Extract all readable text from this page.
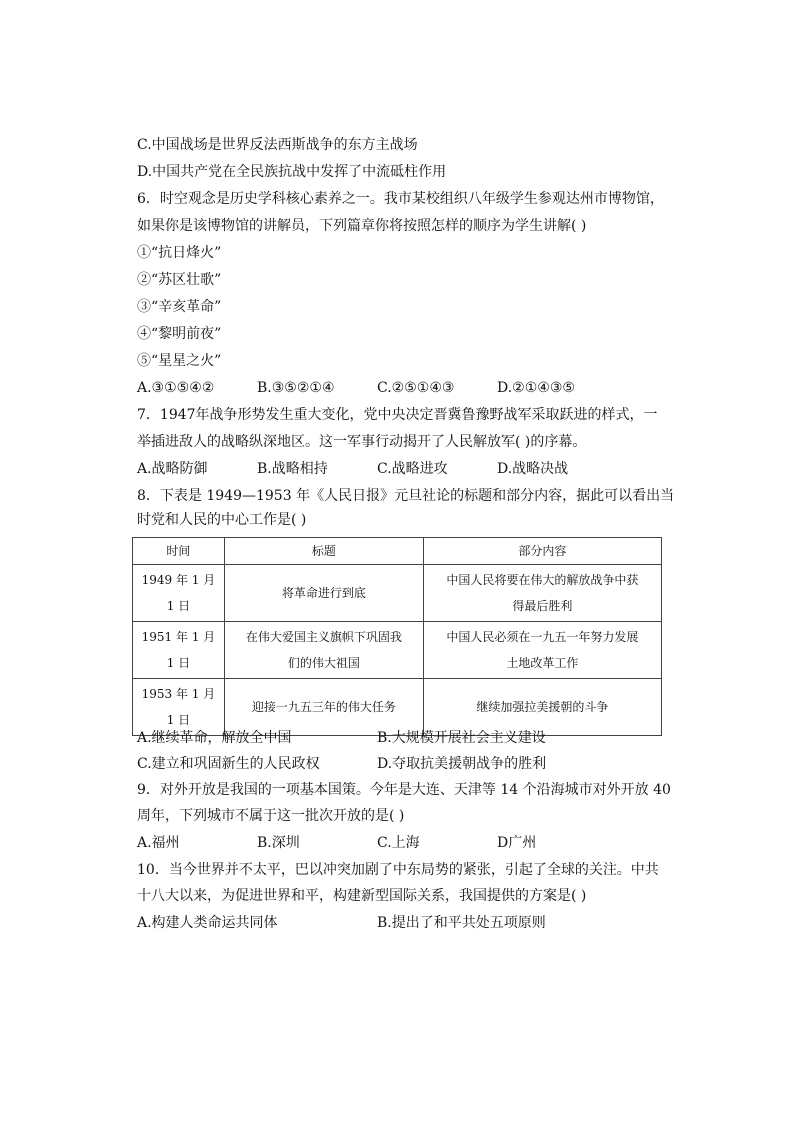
C.中国战场是世界反法西斯战争的东方主战场
D.中国共产党在全民族抗战中发挥了中流砥柱作用
6．时空观念是历史学科核心素养之一。我市某校组织八年级学生参观达州市博物馆，
如果你是该博物馆的讲解员，下列篇章你将按照怎样的顺序为学生讲解( )
①“抗日烽火”
②“苏区壮歌”
③“辛亥革命”
④“黎明前夜”
⑤“星星之火”
A.③①⑤④②	B.③⑤②①④	C.②⑤①④③	D.②①④③⑤
7．1947年战争形势发生重大变化，党中央决定晋冀鲁豫野战军采取跃进的样式，一
举插进敌人的战略纵深地区。这一军事行动揭开了人民解放军( )的序幕。
A.战略防御	B.战略相持	C.战略进攻	D.战略决战
8．下表是 1949—1953 年《人民日报》元旦社论的标题和部分内容，据此可以看出当
时党和人民的中心工作是( )
时间	标题	部分内容
1949 年 1 月
1 日	将革命进行到底	中国人民将要在伟大的解放战争中获
得最后胜利
1951 年 1 月
1 日	在伟大爱国主义旗帜下巩固我
们的伟大祖国	中国人民必须在一九五一年努力发展
土地改革工作
1953 年 1 月
1 日	迎接一九五三年的伟大任务	继续加强拉美援朝的斗争
A.继续革命，解放全中国	B.大规模开展社会主义建设
C.建立和巩固新生的人民政权	D.夺取抗美援朝战争的胜利
9．对外开放是我国的一项基本国策。今年是大连、天津等 14 个沿海城市对外开放 40
周年，下列城市不属于这一批次开放的是( )
A.福州	B.深圳	C.上海	D广州
10．当今世界并不太平，巴以冲突加剧了中东局势的紧张，引起了全球的关注。中共
十八大以来，为促进世界和平，构建新型国际关系，我国提供的方案是( )
A.构建人类命运共同体	B.提出了和平共处五项原则
